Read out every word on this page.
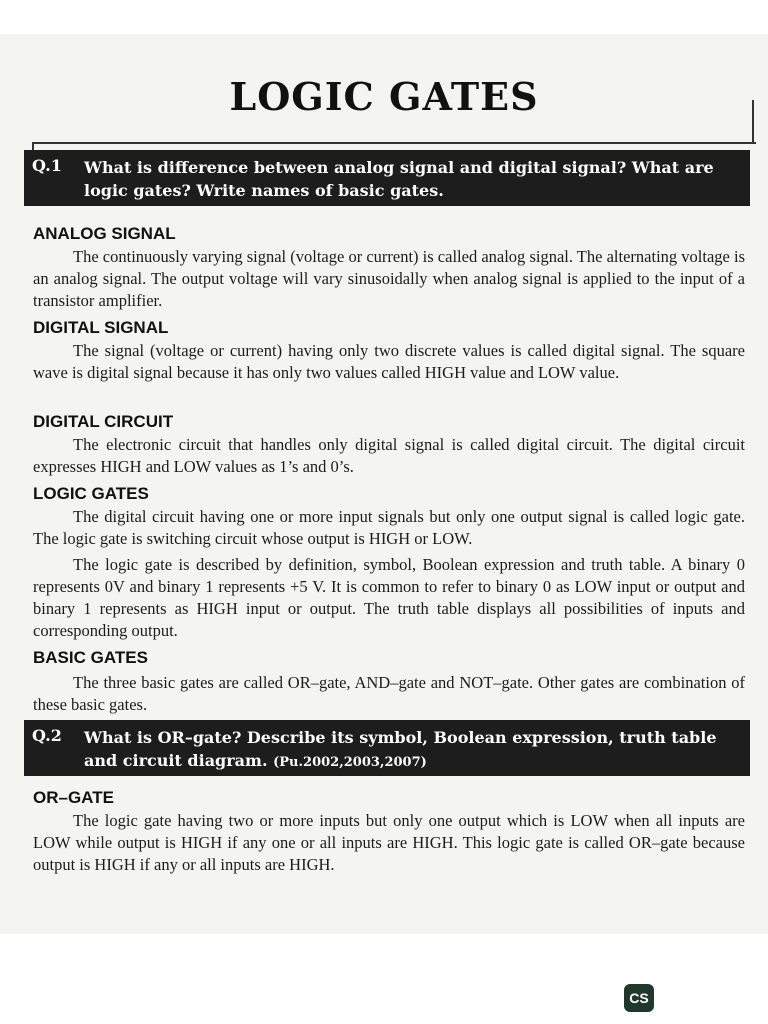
LOGIC GATES
Q.1 What is difference between analog signal and digital signal? What are logic gates? Write names of basic gates.
ANALOG SIGNAL
The continuously varying signal (voltage or current) is called analog signal. The alternating voltage is an analog signal. The output voltage will vary sinusoidally when analog signal is applied to the input of a transistor amplifier.
DIGITAL SIGNAL
The signal (voltage or current) having only two discrete values is called digital signal. The square wave is digital signal because it has only two values called HIGH value and LOW value.
DIGITAL CIRCUIT
The electronic circuit that handles only digital signal is called digital circuit. The digital circuit expresses HIGH and LOW values as 1’s and 0’s.
LOGIC GATES
The digital circuit having one or more input signals but only one output signal is called logic gate. The logic gate is switching circuit whose output is HIGH or LOW.
The logic gate is described by definition, symbol, Boolean expression and truth table. A binary 0 represents 0V and binary 1 represents +5 V. It is common to refer to binary 0 as LOW input or output and binary 1 represents as HIGH input or output. The truth table displays all possibilities of inputs and corresponding output.
BASIC GATES
The three basic gates are called OR–gate, AND–gate and NOT–gate. Other gates are combination of these basic gates.
Q.2 What is OR–gate? Describe its symbol, Boolean expression, truth table and circuit diagram. (Pu.2002,2003,2007)
OR–GATE
The logic gate having two or more inputs but only one output which is LOW when all inputs are LOW while output is HIGH if any one or all inputs are HIGH. This logic gate is called OR–gate because output is HIGH if any or all inputs are HIGH.
CS
